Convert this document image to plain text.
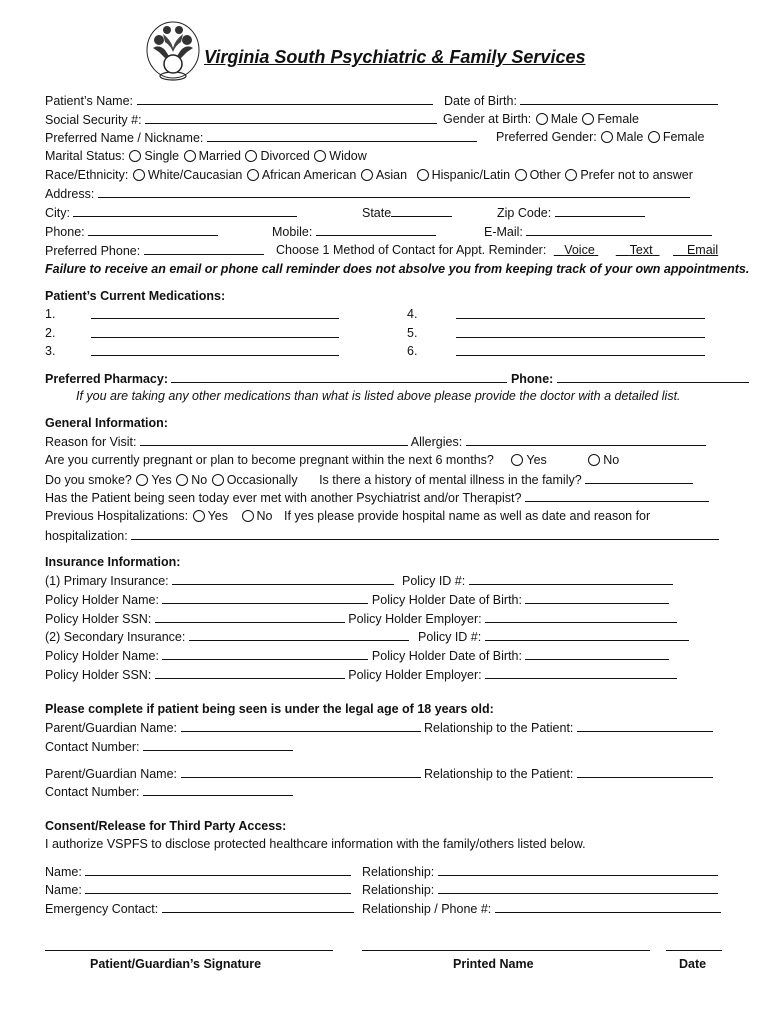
Virginia South Psychiatric & Family Services
Patient’s Name:	Date of Birth:
Social Security #:	Gender at Birth: Male Female
Preferred Name / Nickname:	Preferred Gender: Male Female
Marital Status: Single Married Divorced Widow
Race/Ethnicity: White/Caucasian African American Asian Hispanic/Latin Other Prefer not to answer
Address:
City:	State	Zip Code:
Phone:	Mobile:	E-Mail:
Preferred Phone:	Choose 1 Method of Contact for Appt. Reminder: Voice	Text	Email
Failure to receive an email or phone call reminder does not absolve you from keeping track of your own appointments.
Patient’s Current Medications:
1.
2.
3.
4.
5.
6.
Preferred Pharmacy:	Phone:
If you are taking any other medications than what is listed above please provide the doctor with a detailed list.
General Information:
Reason for Visit:	Allergies:
Are you currently pregnant or plan to become pregnant within the next 6 months?	Yes	No
Do you smoke? Yes No Occasionally Is there a history of mental illness in the family?
Has the Patient being seen today ever met with another Psychiatrist and/or Therapist?
Previous Hospitalizations: Yes No If yes please provide hospital name as well as date and reason for
hospitalization:
Insurance Information:
(1) Primary Insurance:	Policy ID #:
Policy Holder Name:	Policy Holder Date of Birth:
Policy Holder SSN:	Policy Holder Employer:
(2) Secondary Insurance:	Policy ID #:
Policy Holder Name:	Policy Holder Date of Birth:
Policy Holder SSN:	Policy Holder Employer:
Please complete if patient being seen is under the legal age of 18 years old:
Parent/Guardian Name:	Relationship to the Patient:
Contact Number:
Parent/Guardian Name:	Relationship to the Patient:
Contact Number:
Consent/Release for Third Party Access:
I authorize VSPFS to disclose protected healthcare information with the family/others listed below.
Name:	Relationship:
Name:	Relationship:
Emergency Contact:	Relationship / Phone #:
Patient/Guardian’s Signature	Printed Name	Date
